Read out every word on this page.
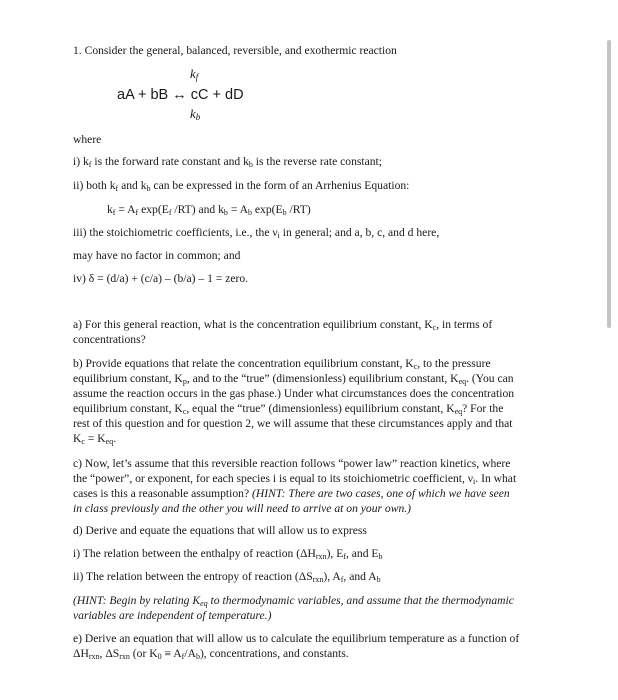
1. Consider the general, balanced, reversible, and exothermic reaction
$k_f$
aA + bB ↔ cC + dD
$k_b$
where
i) $k_f$ is the forward rate constant and $k_b$ is the reverse rate constant;
ii) both $k_f$ and $k_b$ can be expressed in the form of an Arrhenius Equation:
$k_f = A_f$ $\exp(E_f$ /RT) and $k_b = A_b$ $\exp(E_b$ /RT)
iii) the stoichiometric coefficients, i.e., the $\nu_i$ in general; and a, b, c, and d here,
may have no factor in common; and
iv) δ = (d/a) + (c/a) – (b/a) – 1 = zero.
a) For this general reaction, what is the concentration equilibrium constant, $K_c$, in terms of
concentrations?
b) Provide equations that relate the concentration equilibrium constant, $K_c$, to the pressure
equilibrium constant, $K_p$, and to the “true” (dimensionless) equilibrium constant, $K_{eq}$. (You can
assume the reaction occurs in the gas phase.) Under what circumstances does the concentration
equilibrium constant, $K_c$, equal the “true” (dimensionless) equilibrium constant, $K_{eq}$? For the
rest of this question and for question 2, we will assume that these circumstances apply and that
$K_c = K_{eq}$.
c) Now, let’s assume that this reversible reaction follows “power law” reaction kinetics, where
the “power”, or exponent, for each species i is equal to its stoichiometric coefficient, $\nu_i$. In what
cases is this a reasonable assumption? (HINT: There are two cases, one of which we have seen
in class previously and the other you will need to arrive at on your own.)
d) Derive and equate the equations that will allow us to express
i) The relation between the enthalpy of reaction $(\Delta H_{rxn})$, $E_f$, and $E_b$
ii) The relation between the entropy of reaction $(\Delta S_{rxn})$, $A_f$, and $A_b$
(HINT: Begin by relating $K_{eq}$ to thermodynamic variables, and assume that the thermodynamic
variables are independent of temperature.)
e) Derive an equation that will allow us to calculate the equilibrium temperature as a function of
$\Delta H_{rxn}$, $\Delta S_{rxn}$ (or $K_0 \equiv A_f/A_b$), concentrations, and constants.
